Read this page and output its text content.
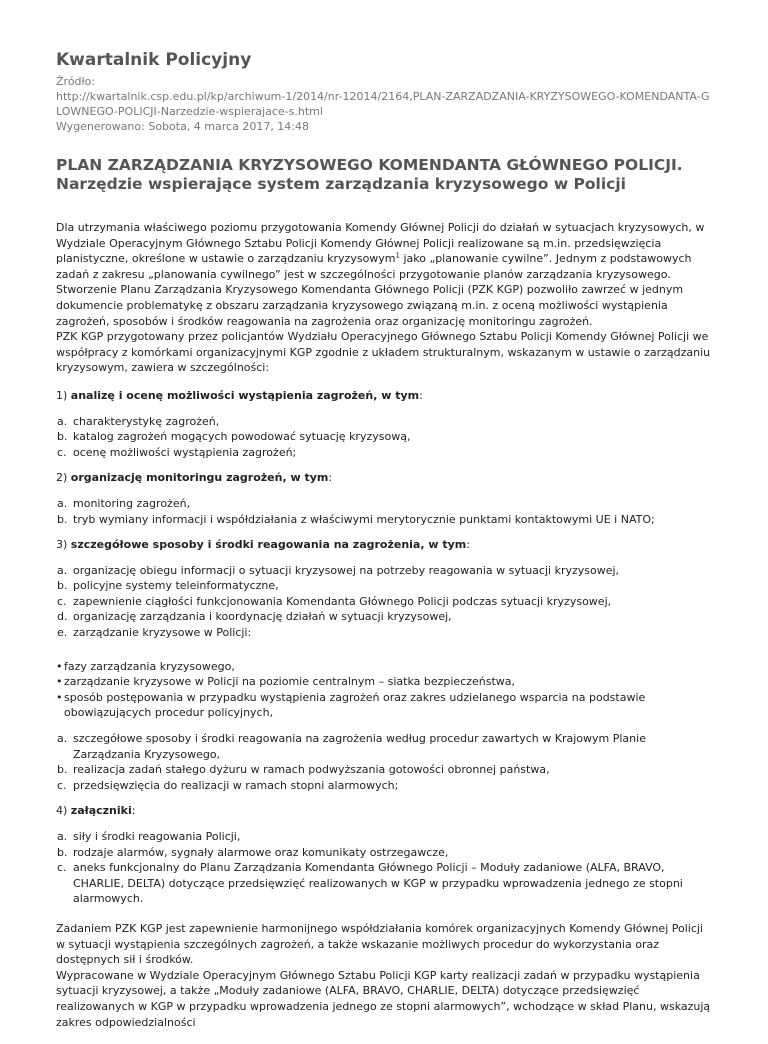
Kwartalnik Policyjny
Źródło:
http://kwartalnik.csp.edu.pl/kp/archiwum-1/2014/nr-12014/2164,PLAN-ZARZADZANIA-KRYZYSOWEGO-KOMENDANTA-GLOWNEGO-POLICJI-Narzedzie-wspierajace-s.html
Wygenerowano: Sobota, 4 marca 2017, 14:48
PLAN ZARZĄDZANIA KRYZYSOWEGO KOMENDANTA GŁÓWNEGO POLICJI. Narzędzie wspierające system zarządzania kryzysowego w Policji

Dla utrzymania właściwego poziomu przygotowania Komendy Głównej Policji do działań w sytuacjach kryzysowych, w Wydziale Operacyjnym Głównego Sztabu Policji Komendy Głównej Policji realizowane są m.in. przedsięwzięcia planistyczne, określone w ustawie o zarządzaniu kryzysowym$^1$ jako „planowanie cywilne”. Jednym z podstawowych zadań z zakresu „planowania cywilnego” jest w szczególności przygotowanie planów zarządzania kryzysowego.

Stworzenie Planu Zarządzania Kryzysowego Komendanta Głównego Policji (PZK KGP) pozwoliło zawrzeć w jednym dokumencie problematykę z obszaru zarządzania kryzysowego związaną m.in. z oceną możliwości wystąpienia zagrożeń, sposobów i środków reagowania na zagrożenia oraz organizację monitoringu zagrożeń.

PZK KGP przygotowany przez policjantów Wydziału Operacyjnego Głównego Sztabu Policji Komendy Głównej Policji we współpracy z komórkami organizacyjnymi KGP zgodnie z układem strukturalnym, wskazanym w ustawie o zarządzaniu kryzysowym, zawiera w szczególności:

1) analizę i ocenę możliwości wystąpienia zagrożeń, w tym:

a. charakterystykę zagrożeń,
b. katalog zagrożeń mogących powodować sytuację kryzysową,
c. ocenę możliwości wystąpienia zagrożeń;

2) organizację monitoringu zagrożeń, w tym:

a. monitoring zagrożeń,
b. tryb wymiany informacji i współdziałania z właściwymi merytorycznie punktami kontaktowymi UE i NATO;

3) szczegółowe sposoby i środki reagowania na zagrożenia, w tym:

a. organizację obiegu informacji o sytuacji kryzysowej na potrzeby reagowania w sytuacji kryzysowej,
b. policyjne systemy teleinformatyczne,
c. zapewnienie ciągłości funkcjonowania Komendanta Głównego Policji podczas sytuacji kryzysowej,
d. organizację zarządzania i koordynację działań w sytuacji kryzysowej,
e. zarządzanie kryzysowe w Policji:
• fazy zarządzania kryzysowego,
• zarządzanie kryzysowe w Policji na poziomie centralnym – siatka bezpieczeństwa,
• sposób postępowania w przypadku wystąpienia zagrożeń oraz zakres udzielanego wsparcia na podstawie obowiązujących procedur policyjnych,
a. szczegółowe sposoby i środki reagowania na zagrożenia według procedur zawartych w Krajowym Planie Zarządzania Kryzysowego,
b. realizacja zadań stałego dyżuru w ramach podwyższania gotowości obronnej państwa,
c. przedsięwzięcia do realizacji w ramach stopni alarmowych;

4) załączniki:

a. siły i środki reagowania Policji,
b. rodzaje alarmów, sygnały alarmowe oraz komunikaty ostrzegawcze,
c. aneks funkcjonalny do Planu Zarządzania Komendanta Głównego Policji – Moduły zadaniowe (ALFA, BRAVO, CHARLIE, DELTA) dotyczące przedsięwzięć realizowanych w KGP w przypadku wprowadzenia jednego ze stopni alarmowych.

Zadaniem PZK KGP jest zapewnienie harmonijnego współdziałania komórek organizacyjnych Komendy Głównej Policji w sytuacji wystąpienia szczególnych zagrożeń, a także wskazanie możliwych procedur do wykorzystania oraz dostępnych sił i środków.

Wypracowane w Wydziale Operacyjnym Głównego Sztabu Policji KGP karty realizacji zadań w przypadku wystąpienia sytuacji kryzysowej, a także „Moduły zadaniowe (ALFA, BRAVO, CHARLIE, DELTA) dotyczące przedsięwzięć realizowanych w KGP w przypadku wprowadzenia jednego ze stopni alarmowych”, wchodzące w skład Planu, wskazują zakres odpowiedzialności
